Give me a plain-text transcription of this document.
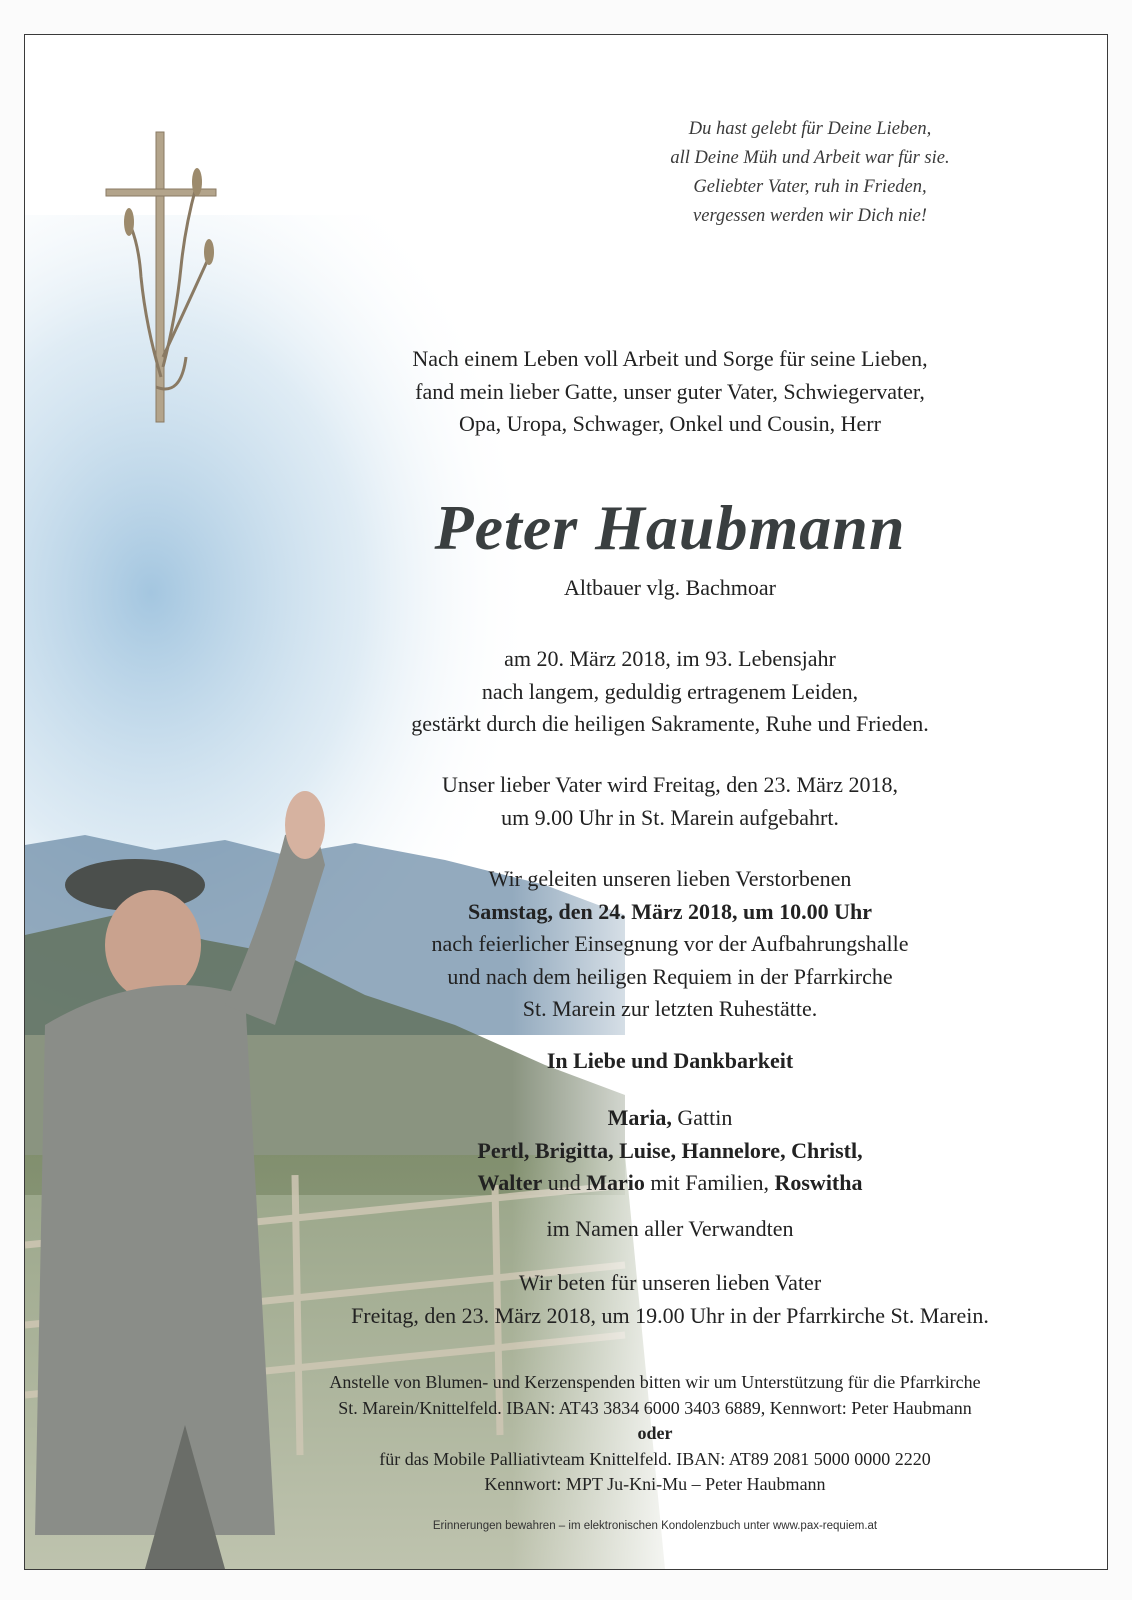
Du hast gelebt für Deine Lieben,
all Deine Müh und Arbeit war für sie.
Geliebter Vater, ruh in Frieden,
vergessen werden wir Dich nie!
Nach einem Leben voll Arbeit und Sorge für seine Lieben,
fand mein lieber Gatte, unser guter Vater, Schwiegervater,
Opa, Uropa, Schwager, Onkel und Cousin, Herr
Peter Haubmann
Altbauer vlg. Bachmoar
am 20. März 2018, im 93. Lebensjahr
nach langem, geduldig ertragenem Leiden,
gestärkt durch die heiligen Sakramente, Ruhe und Frieden.
Unser lieber Vater wird Freitag, den 23. März 2018,
um 9.00 Uhr in St. Marein aufgebahrt.
Wir geleiten unseren lieben Verstorbenen
Samstag, den 24. März 2018, um 10.00 Uhr
nach feierlicher Einsegnung vor der Aufbahrungshalle
und nach dem heiligen Requiem in der Pfarrkirche
St. Marein zur letzten Ruhestätte.
In Liebe und Dankbarkeit
Maria, Gattin
Pertl, Brigitta, Luise, Hannelore, Christl,
Walter und Mario mit Familien, Roswitha
im Namen aller Verwandten
Wir beten für unseren lieben Vater
Freitag, den 23. März 2018, um 19.00 Uhr in der Pfarrkirche St. Marein.
Anstelle von Blumen- und Kerzenspenden bitten wir um Unterstützung für die Pfarrkirche
St. Marein/Knittelfeld. IBAN: AT43 3834 6000 3403 6889, Kennwort: Peter Haubmann
oder
für das Mobile Palliativteam Knittelfeld. IBAN: AT89 2081 5000 0000 2220
Kennwort: MPT Ju-Kni-Mu – Peter Haubmann
Erinnerungen bewahren – im elektronischen Kondolenzbuch unter www.pax-requiem.at
